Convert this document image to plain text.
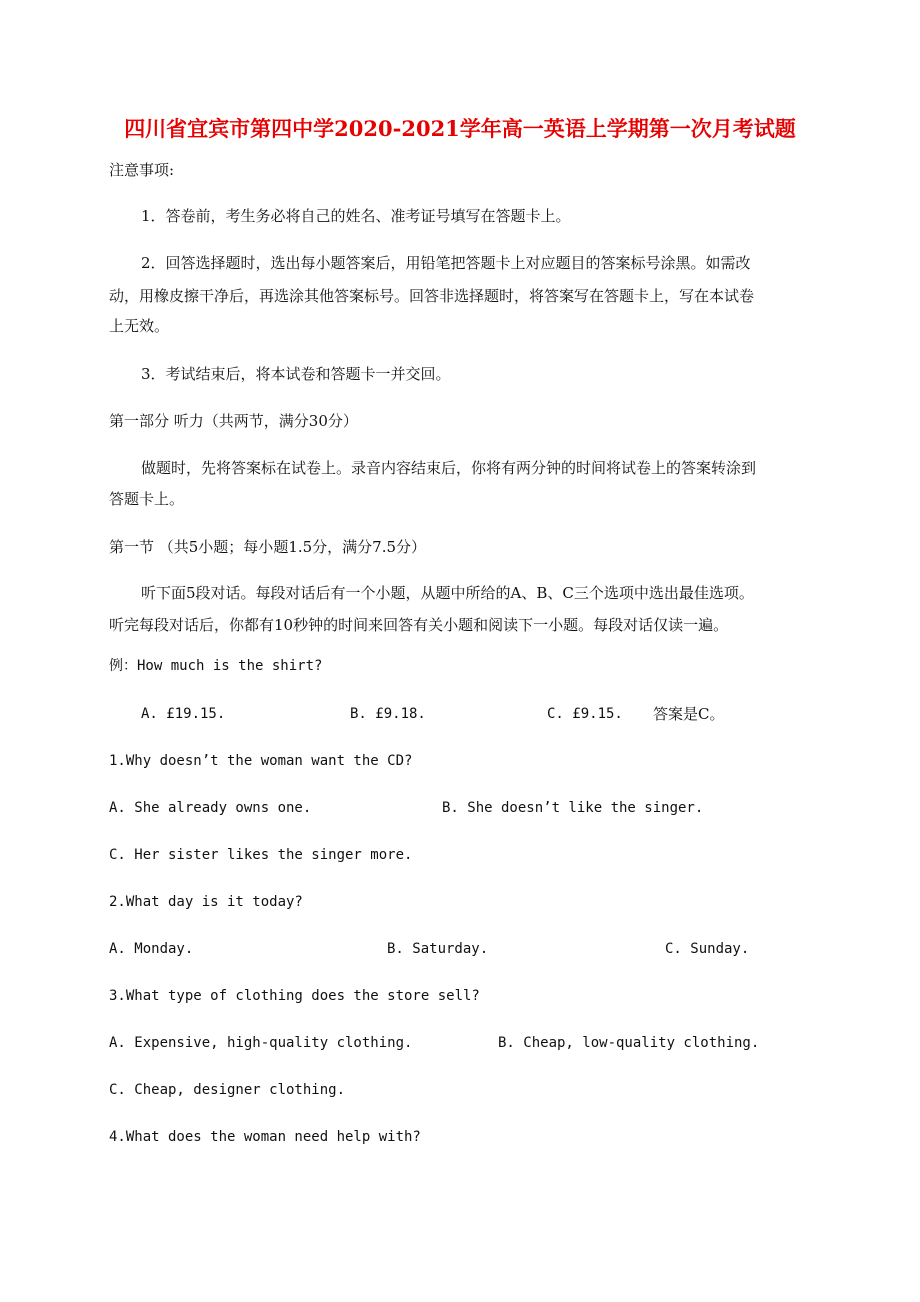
四川省宜宾市第四中学2020-2021学年高一英语上学期第一次月考试题
注意事项:
1．答卷前，考生务必将自己的姓名、准考证号填写在答题卡上。
2．回答选择题时，选出每小题答案后，用铅笔把答题卡上对应题目的答案标号涂黑。如需改
动，用橡皮擦干净后，再选涂其他答案标号。回答非选择题时，将答案写在答题卡上，写在本试卷
上无效。
3．考试结束后，将本试卷和答题卡一并交回。
第一部分 听力（共两节，满分30分）
做题时，先将答案标在试卷上。录音内容结束后，你将有两分钟的时间将试卷上的答案转涂到
答题卡上。
第一节 （共5小题；每小题1.5分，满分7.5分）
听下面5段对话。每段对话后有一个小题，从题中所给的A、B、C三个选项中选出最佳选项。
听完每段对话后，你都有10秒钟的时间来回答有关小题和阅读下一小题。每段对话仅读一遍。
例：How much is the shirt?
A. £19.15.	B. £9.18.	C. £9.15. 答案是C。
1.Why doesn’t the woman want the CD?
A. She already owns one.	B. She doesn’t like the singer.
C. Her sister likes the singer more.
2.What day is it today?
A. Monday.	B. Saturday.	C. Sunday.
3.What type of clothing does the store sell?
A. Expensive, high-quality clothing.	B. Cheap, low-quality clothing.
C. Cheap, designer clothing.
4.What does the woman need help with?
